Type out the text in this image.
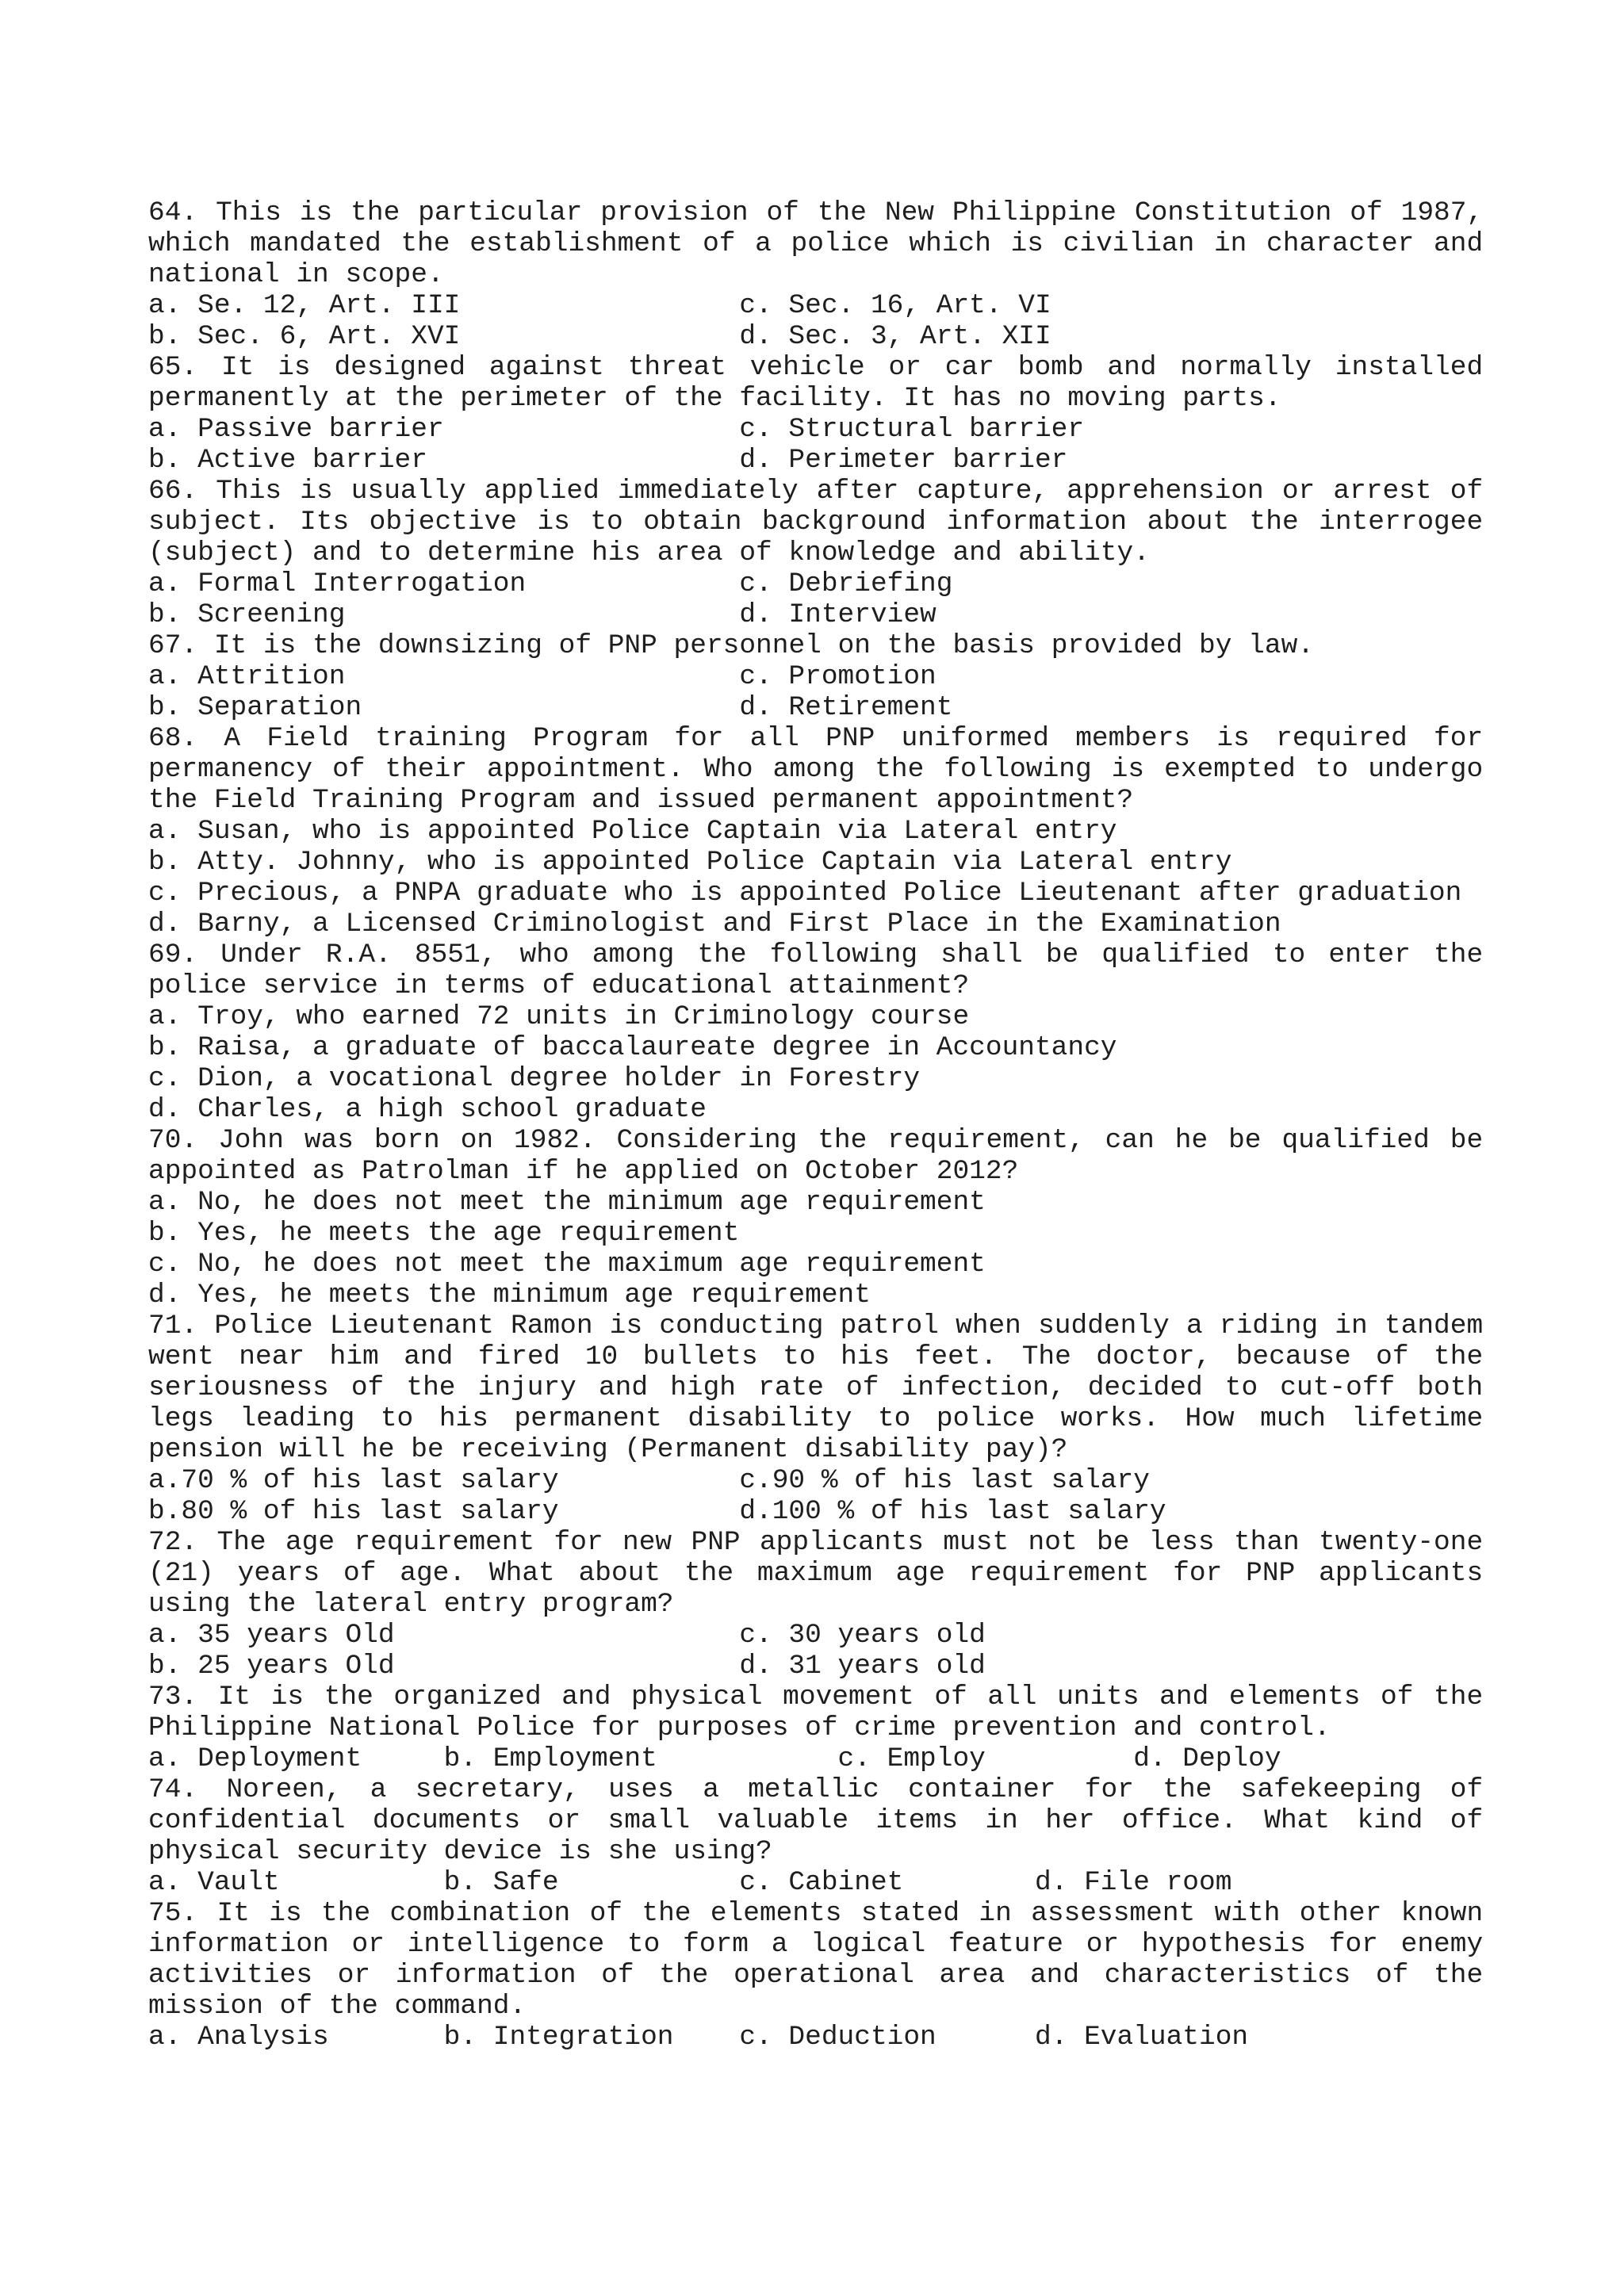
64. This is the particular provision of the New Philippine Constitution of 1987, which mandated the establishment of a police which is civilian in character and national in scope.

a. Se. 12, Art. III
b. Sec. 6, Art. XVI
c. Sec. 16, Art. VI
d. Sec. 3, Art. XII

65. It is designed against threat vehicle or car bomb and normally installed permanently at the perimeter of the facility. It has no moving parts.

a. Passive barrier
b. Active barrier
c. Structural barrier
d. Perimeter barrier

66. This is usually applied immediately after capture, apprehension or arrest of subject. Its objective is to obtain background information about the interrogee (subject) and to determine his area of knowledge and ability.

a. Formal Interrogation
b. Screening
c. Debriefing
d. Interview

67. It is the downsizing of PNP personnel on the basis provided by law.

a. Attrition
b. Separation
c. Promotion
d. Retirement

68. A Field training Program for all PNP uniformed members is required for permanency of their appointment. Who among the following is exempted to undergo the Field Training Program and issued permanent appointment?

a. Susan, who is appointed Police Captain via Lateral entry
b. Atty. Johnny, who is appointed Police Captain via Lateral entry
c. Precious, a PNPA graduate who is appointed Police Lieutenant after graduation
d. Barny, a Licensed Criminologist and First Place in the Examination

69. Under R.A. 8551, who among the following shall be qualified to enter the police service in terms of educational attainment?

a. Troy, who earned 72 units in Criminology course
b. Raisa, a graduate of baccalaureate degree in Accountancy
c. Dion, a vocational degree holder in Forestry
d. Charles, a high school graduate

70. John was born on 1982. Considering the requirement, can he be qualified be appointed as Patrolman if he applied on October 2012?

a. No, he does not meet the minimum age requirement
b. Yes, he meets the age requirement
c. No, he does not meet the maximum age requirement
d. Yes, he meets the minimum age requirement

71. Police Lieutenant Ramon is conducting patrol when suddenly a riding in tandem went near him and fired 10 bullets to his feet. The doctor, because of the seriousness of the injury and high rate of infection, decided to cut-off both legs leading to his permanent disability to police works. How much lifetime pension will he be receiving (Permanent disability pay)?

a.70 % of his last salary
b.80 % of his last salary
c.90 % of his last salary
d.100 % of his last salary

72. The age requirement for new PNP applicants must not be less than twenty-one (21) years of age. What about the maximum age requirement for PNP applicants using the lateral entry program?

a. 35 years Old
b. 25 years Old
c. 30 years old
d. 31 years old

73. It is the organized and physical movement of all units and elements of the Philippine National Police for purposes of crime prevention and control.

a. Deployment	b. Employment	c. Employ	d. Deploy

74. Noreen, a secretary, uses a metallic container for the safekeeping of confidential documents or small valuable items in her office. What kind of physical security device is she using?

a. Vault	b. Safe	c. Cabinet	d. File room

75. It is the combination of the elements stated in assessment with other known information or intelligence to form a logical feature or hypothesis for enemy activities or information of the operational area and characteristics of the mission of the command.

a. Analysis	b. Integration	c. Deduction	d. Evaluation
